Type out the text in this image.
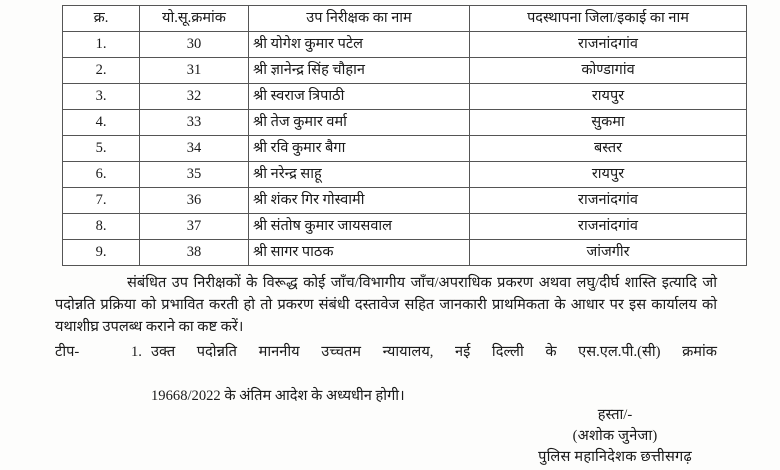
क्र.	यो.सू.क्रमांक	उप निरीक्षक का नाम	पदस्थापना जिला/इकाई का नाम
1.	30	श्री योगेश कुमार पटेल	राजनांदगांव
2.	31	श्री ज्ञानेन्द्र सिंह चौहान	कोण्डागांव
3.	32	श्री स्वराज त्रिपाठी	रायपुर
4.	33	श्री तेज कुमार वर्मा	सुकमा
5.	34	श्री रवि कुमार बैगा	बस्तर
6.	35	श्री नरेन्द्र साहू	रायपुर
7.	36	श्री शंकर गिर गोस्वामी	राजनांदगांव
8.	37	श्री संतोष कुमार जायसवाल	राजनांदगांव
9.	38	श्री सागर पाठक	जांजगीर
संबंधित उप निरीक्षकों के विरूद्ध कोई जाँच/विभागीय जाँच/अपराधिक प्रकरण अथवा लघु/दीर्घ शास्ति इत्यादि जो पदोन्नति प्रक्रिया को प्रभावित करती हो तो प्रकरण संबंधी दस्तावेज सहित जानकारी प्राथमिकता के आधार पर इस कार्यालय को यथाशीघ्र उपलब्ध कराने का कष्ट करें।
टीप-	1. उक्त पदोन्नति माननीय उच्चतम न्यायालय, नई दिल्ली के एस.एल.पी.(सी) क्रमांक
19668/2022 के अंतिम आदेश के अध्यधीन होगी।
हस्ता/-
(अशोक जुनेजा)
पुलिस महानिदेशक छत्तीसगढ़
